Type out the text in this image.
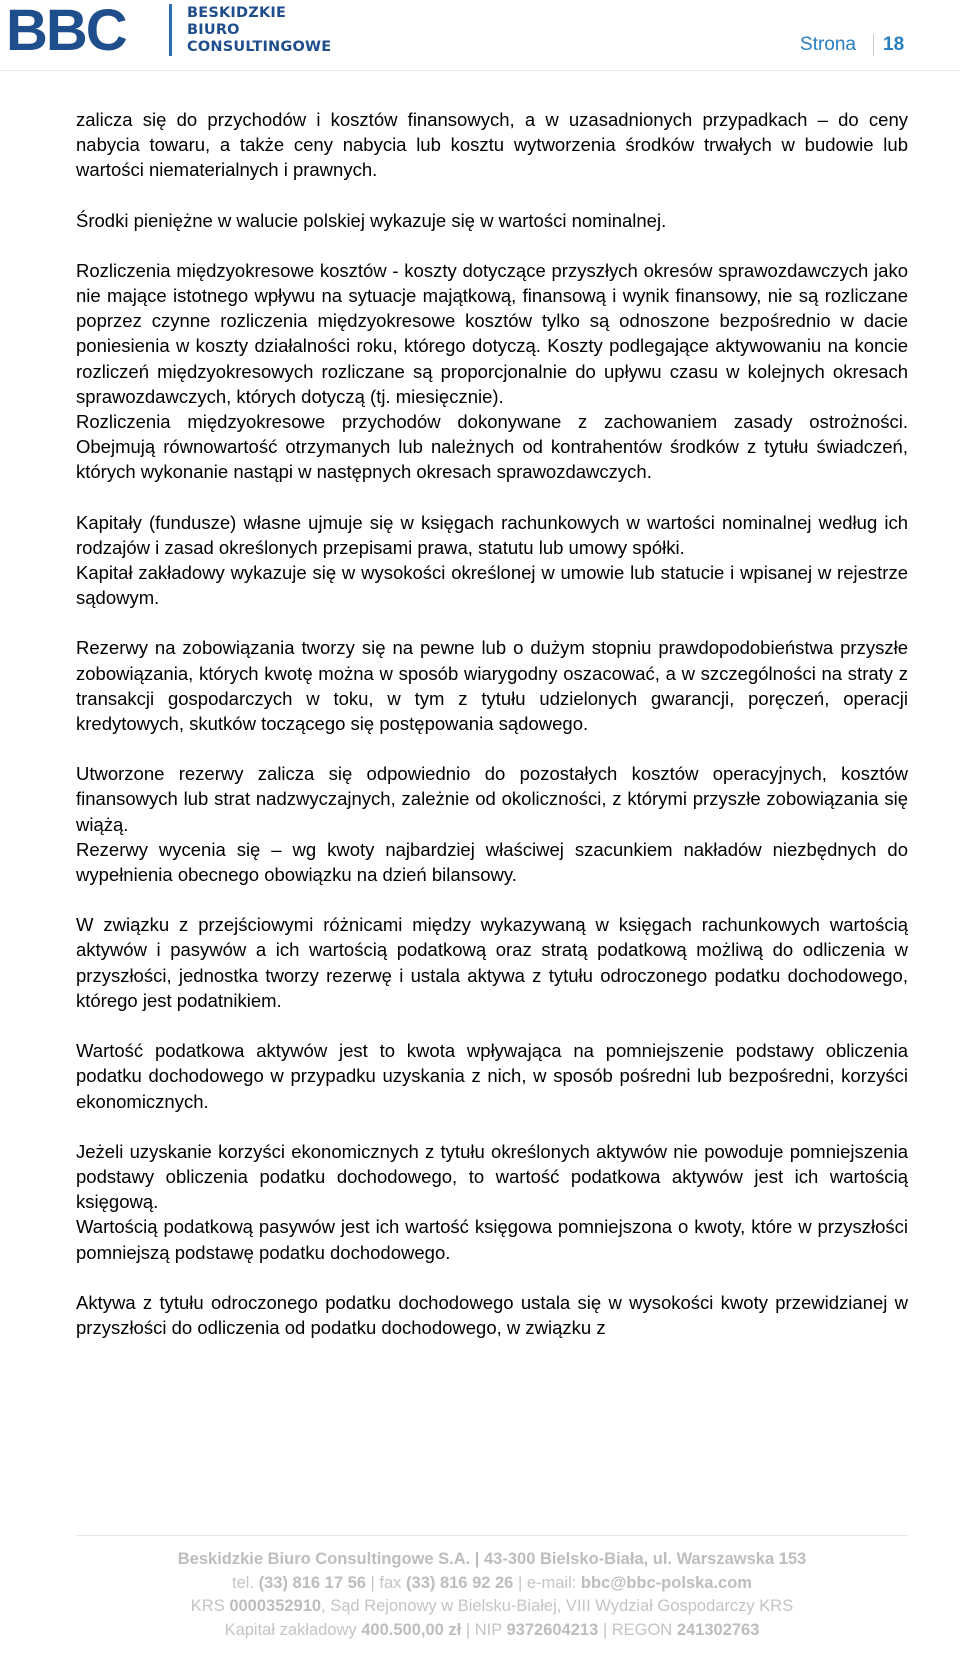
BBC	BESKIDZKIE
BIURO
CONSULTINGOWE	Strona 18

zalicza się do przychodów i kosztów finansowych, a w uzasadnionych przypadkach – do ceny nabycia towaru, a także ceny nabycia lub kosztu wytworzenia środków trwałych w budowie lub wartości niematerialnych i prawnych.

Środki pieniężne w walucie polskiej wykazuje się w wartości nominalnej.

Rozliczenia międzyokresowe kosztów - koszty dotyczące przyszłych okresów sprawozdawczych jako nie mające istotnego wpływu na sytuacje majątkową, finansową i wynik finansowy, nie są rozliczane poprzez czynne rozliczenia międzyokresowe kosztów tylko są odnoszone bezpośrednio w dacie poniesienia w koszty działalności roku, którego dotyczą. Koszty podlegające aktywowaniu na koncie rozliczeń międzyokresowych rozliczane są proporcjonalnie do upływu czasu w kolejnych okresach sprawozdawczych, których dotyczą (tj. miesięcznie).

Rozliczenia międzyokresowe przychodów dokonywane z zachowaniem zasady ostrożności. Obejmują równowartość otrzymanych lub należnych od kontrahentów środków z tytułu świadczeń, których wykonanie nastąpi w następnych okresach sprawozdawczych.

Kapitały (fundusze) własne ujmuje się w księgach rachunkowych w wartości nominalnej według ich rodzajów i zasad określonych przepisami prawa, statutu lub umowy spółki.

Kapitał zakładowy wykazuje się w wysokości określonej w umowie lub statucie i wpisanej w rejestrze sądowym.

Rezerwy na zobowiązania tworzy się na pewne lub o dużym stopniu prawdopodobieństwa przyszłe zobowiązania, których kwotę można w sposób wiarygodny oszacować, a w szczególności na straty z transakcji gospodarczych w toku, w tym z tytułu udzielonych gwarancji, poręczeń, operacji kredytowych, skutków toczącego się postępowania sądowego.

Utworzone rezerwy zalicza się odpowiednio do pozostałych kosztów operacyjnych, kosztów finansowych lub strat nadzwyczajnych, zależnie od okoliczności, z którymi przyszłe zobowiązania się wiążą.

Rezerwy wycenia się – wg kwoty najbardziej właściwej szacunkiem nakładów niezbędnych do wypełnienia obecnego obowiązku na dzień bilansowy.

W związku z przejściowymi różnicami między wykazywaną w księgach rachunkowych wartością aktywów i pasywów a ich wartością podatkową oraz stratą podatkową możliwą do odliczenia w przyszłości, jednostka tworzy rezerwę i ustala aktywa z tytułu odroczonego podatku dochodowego, którego jest podatnikiem.

Wartość podatkowa aktywów jest to kwota wpływająca na pomniejszenie podstawy obliczenia podatku dochodowego w przypadku uzyskania z nich, w sposób pośredni lub bezpośredni, korzyści ekonomicznych.

Jeżeli uzyskanie korzyści ekonomicznych z tytułu określonych aktywów nie powoduje pomniejszenia podstawy obliczenia podatku dochodowego, to wartość podatkowa aktywów jest ich wartością księgową.

Wartością podatkową pasywów jest ich wartość księgowa pomniejszona o kwoty, które w przyszłości pomniejszą podstawę podatku dochodowego.

Aktywa z tytułu odroczonego podatku dochodowego ustala się w wysokości kwoty przewidzianej w przyszłości do odliczenia od podatku dochodowego, w związku z

Beskidzkie Biuro Consultingowe S.A. | 43-300 Bielsko-Biała, ul. Warszawska 153
tel. (33) 816 17 56 | fax (33) 816 92 26 | e-mail: bbc@bbc-polska.com
KRS 0000352910, Sąd Rejonowy w Bielsku-Białej, VIII Wydział Gospodarczy KRS
Kapitał zakładowy 400.500,00 zł | NIP 9372604213 | REGON 241302763
